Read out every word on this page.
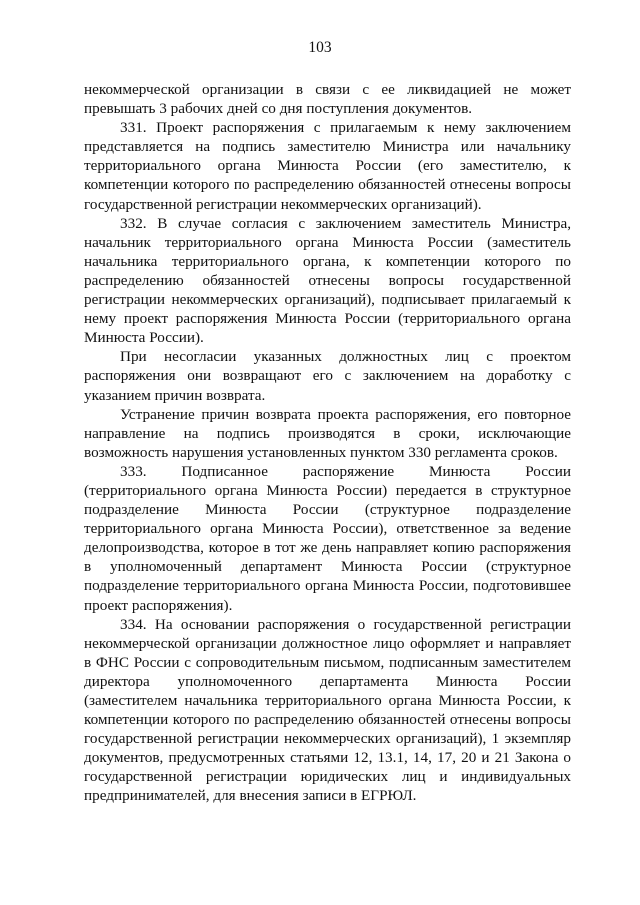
103

некоммерческой организации в связи с ее ликвидацией не может превышать 3 рабочих дней со дня поступления документов.

331. Проект распоряжения с прилагаемым к нему заключением представляется на подпись заместителю Министра или начальнику территориального органа Минюста России (его заместителю, к компетенции которого по распределению обязанностей отнесены вопросы государственной регистрации некоммерческих организаций).

332. В случае согласия с заключением заместитель Министра, начальник территориального органа Минюста России (заместитель начальника территориального органа, к компетенции которого по распределению обязанностей отнесены вопросы государственной регистрации некоммерческих организаций), подписывает прилагаемый к нему проект распоряжения Минюста России (территориального органа Минюста России).

При несогласии указанных должностных лиц с проектом распоряжения они возвращают его с заключением на доработку с указанием причин возврата.

Устранение причин возврата проекта распоряжения, его повторное направление на подпись производятся в сроки, исключающие возможность нарушения установленных пунктом 330 регламента сроков.

333. Подписанное распоряжение Минюста России (территориального органа Минюста России) передается в структурное подразделение Минюста России (структурное подразделение территориального органа Минюста России), ответственное за ведение делопроизводства, которое в тот же день направляет копию распоряжения в уполномоченный департамент Минюста России (структурное подразделение территориального органа Минюста России, подготовившее проект распоряжения).

334. На основании распоряжения о государственной регистрации некоммерческой организации должностное лицо оформляет и направляет в ФНС России с сопроводительным письмом, подписанным заместителем директора уполномоченного департамента Минюста России (заместителем начальника территориального органа Минюста России, к компетенции которого по распределению обязанностей отнесены вопросы государственной регистрации некоммерческих организаций), 1 экземпляр документов, предусмотренных статьями 12, 13.1, 14, 17, 20 и 21 Закона о государственной регистрации юридических лиц и индивидуальных предпринимателей, для внесения записи в ЕГРЮЛ.
